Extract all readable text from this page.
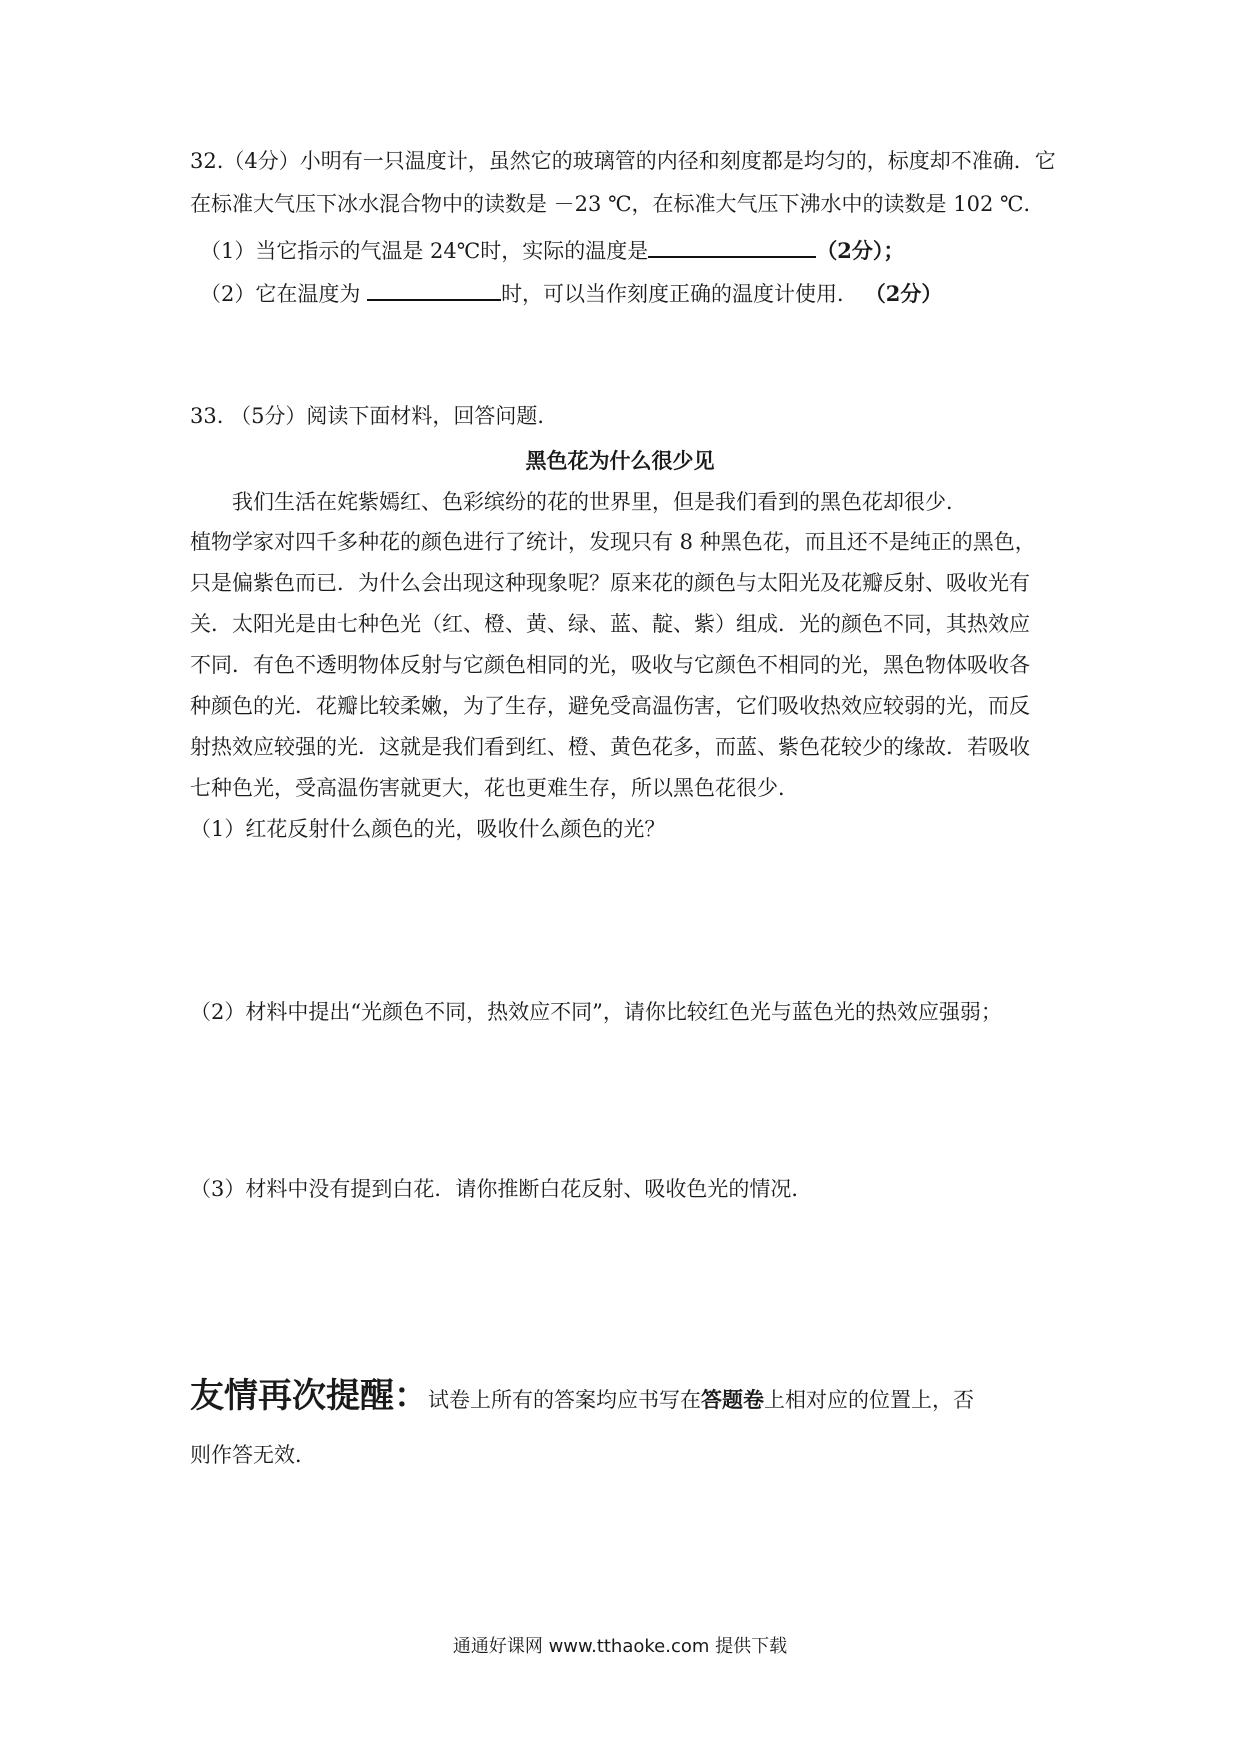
32.（4分）小明有一只温度计，虽然它的玻璃管的内径和刻度都是均匀的，标度却不准确．它
在标准大气压下冰水混合物中的读数是 －23 ℃，在标准大气压下沸水中的读数是 102 ℃．
（1）当它指示的气温是 24℃时，实际的温度是	（2分）；
（2）它在温度为	时，可以当作刻度正确的温度计使用． （2分）
33. （5分）阅读下面材料，回答问题．
黑色花为什么很少见
我们生活在姹紫嫣红、色彩缤纷的花的世界里，但是我们看到的黑色花却很少．
植物学家对四千多种花的颜色进行了统计，发现只有 8 种黑色花，而且还不是纯正的黑色，
只是偏紫色而已．为什么会出现这种现象呢？原来花的颜色与太阳光及花瓣反射、吸收光有
关．太阳光是由七种色光（红、橙、黄、绿、蓝、靛、紫）组成．光的颜色不同，其热效应
不同．有色不透明物体反射与它颜色相同的光，吸收与它颜色不相同的光，黑色物体吸收各
种颜色的光．花瓣比较柔嫩，为了生存，避免受高温伤害，它们吸收热效应较弱的光，而反
射热效应较强的光．这就是我们看到红、橙、黄色花多，而蓝、紫色花较少的缘故．若吸收
七种色光，受高温伤害就更大，花也更难生存，所以黑色花很少．
（1）红花反射什么颜色的光，吸收什么颜色的光？
（2）材料中提出“光颜色不同，热效应不同”，请你比较红色光与蓝色光的热效应强弱；
（3）材料中没有提到白花．请你推断白花反射、吸收色光的情况．
友情再次提醒：试卷上所有的答案均应书写在答题卷上相对应的位置上，否
则作答无效．
通通好课网 www.tthaoke.com 提供下载
